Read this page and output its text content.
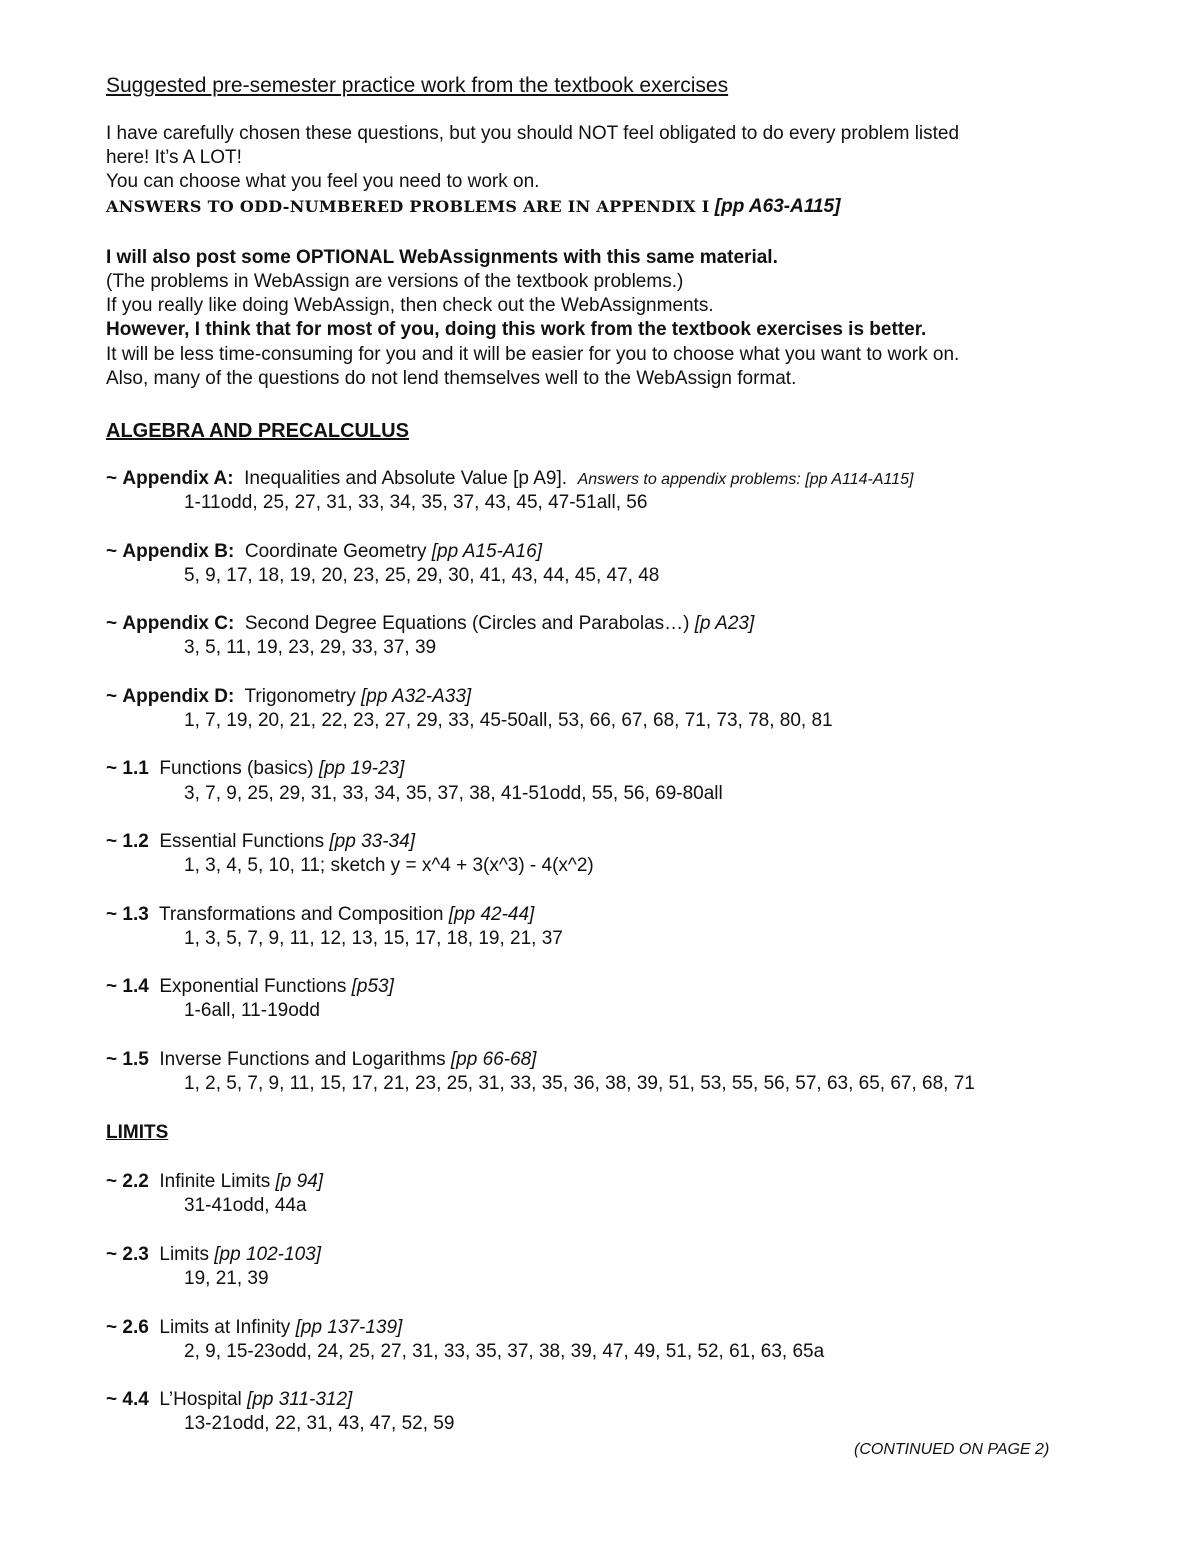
Suggested pre-semester practice work from the textbook exercises
I have carefully chosen these questions, but you should NOT feel obligated to do every problem listed
here! It’s A LOT!
You can choose what you feel you need to work on.
ANSWERS TO ODD-NUMBERED PROBLEMS ARE IN APPENDIX I [pp A63-A115]
I will also post some OPTIONAL WebAssignments with this same material.
(The problems in WebAssign are versions of the textbook problems.)
If you really like doing WebAssign, then check out the WebAssignments.
However, I think that for most of you, doing this work from the textbook exercises is better.
It will be less time-consuming for you and it will be easier for you to choose what you want to work on.
Also, many of the questions do not lend themselves well to the WebAssign format.
ALGEBRA AND PRECALCULUS
~ Appendix A: Inequalities and Absolute Value [p A9]. Answers to appendix problems: [pp A114-A115]
1-11odd, 25, 27, 31, 33, 34, 35, 37, 43, 45, 47-51all, 56
~ Appendix B: Coordinate Geometry [pp A15-A16]
5, 9, 17, 18, 19, 20, 23, 25, 29, 30, 41, 43, 44, 45, 47, 48
~ Appendix C: Second Degree Equations (Circles and Parabolas…) [p A23]
3, 5, 11, 19, 23, 29, 33, 37, 39
~ Appendix D: Trigonometry [pp A32-A33]
1, 7, 19, 20, 21, 22, 23, 27, 29, 33, 45-50all, 53, 66, 67, 68, 71, 73, 78, 80, 81
~ 1.1 Functions (basics) [pp 19-23]
3, 7, 9, 25, 29, 31, 33, 34, 35, 37, 38, 41-51odd, 55, 56, 69-80all
~ 1.2 Essential Functions [pp 33-34]
1, 3, 4, 5, 10, 11; sketch y = x^4 + 3(x^3) - 4(x^2)
~ 1.3 Transformations and Composition [pp 42-44]
1, 3, 5, 7, 9, 11, 12, 13, 15, 17, 18, 19, 21, 37
~ 1.4 Exponential Functions [p53]
1-6all, 11-19odd
~ 1.5 Inverse Functions and Logarithms [pp 66-68]
1, 2, 5, 7, 9, 11, 15, 17, 21, 23, 25, 31, 33, 35, 36, 38, 39, 51, 53, 55, 56, 57, 63, 65, 67, 68, 71
LIMITS
~ 2.2 Infinite Limits [p 94]
31-41odd, 44a
~ 2.3 Limits [pp 102-103]
19, 21, 39
~ 2.6 Limits at Infinity [pp 137-139]
2, 9, 15-23odd, 24, 25, 27, 31, 33, 35, 37, 38, 39, 47, 49, 51, 52, 61, 63, 65a
~ 4.4 L’Hospital [pp 311-312]
13-21odd, 22, 31, 43, 47, 52, 59
(CONTINUED ON PAGE 2)
